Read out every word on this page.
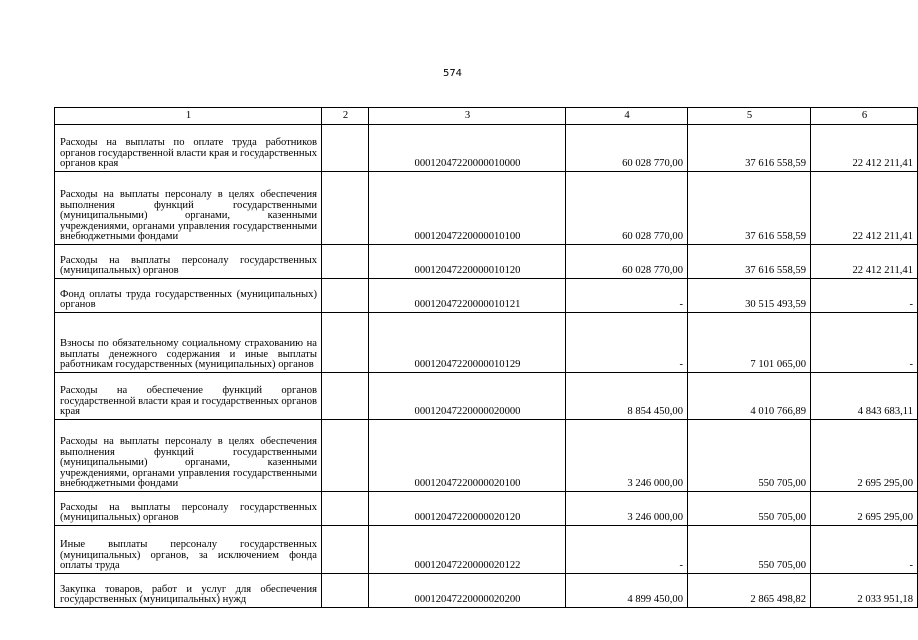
574
1	2	3	4	5	6
Расходы на выплаты по оплате труда работников органов государственной власти края и государственных органов края		00012047220000010000	60 028 770,00	37 616 558,59	22 412 211,41
Расходы на выплаты персоналу в целях обеспечения выполнения функций государственными (муниципальными) органами, казенными учреждениями, органами управления государственными внебюджетными фондами		00012047220000010100	60 028 770,00	37 616 558,59	22 412 211,41
Расходы на выплаты персоналу государственных (муниципальных) органов		00012047220000010120	60 028 770,00	37 616 558,59	22 412 211,41
Фонд оплаты труда государственных (муниципальных) органов		00012047220000010121	-	30 515 493,59	-
Взносы по обязательному социальному страхованию на выплаты денежного содержания и иные выплаты работникам государственных (муниципальных) органов		00012047220000010129	-	7 101 065,00	-
Расходы на обеспечение функций органов государственной власти края и государственных органов края		00012047220000020000	8 854 450,00	4 010 766,89	4 843 683,11
Расходы на выплаты персоналу в целях обеспечения выполнения функций государственными (муниципальными) органами, казенными учреждениями, органами управления государственными внебюджетными фондами		00012047220000020100	3 246 000,00	550 705,00	2 695 295,00
Расходы на выплаты персоналу государственных (муниципальных) органов		00012047220000020120	3 246 000,00	550 705,00	2 695 295,00
Иные выплаты персоналу государственных (муниципальных) органов, за исключением фонда оплаты труда		00012047220000020122	-	550 705,00	-
Закупка товаров, работ и услуг для обеспечения государственных (муниципальных) нужд		00012047220000020200	4 899 450,00	2 865 498,82	2 033 951,18
